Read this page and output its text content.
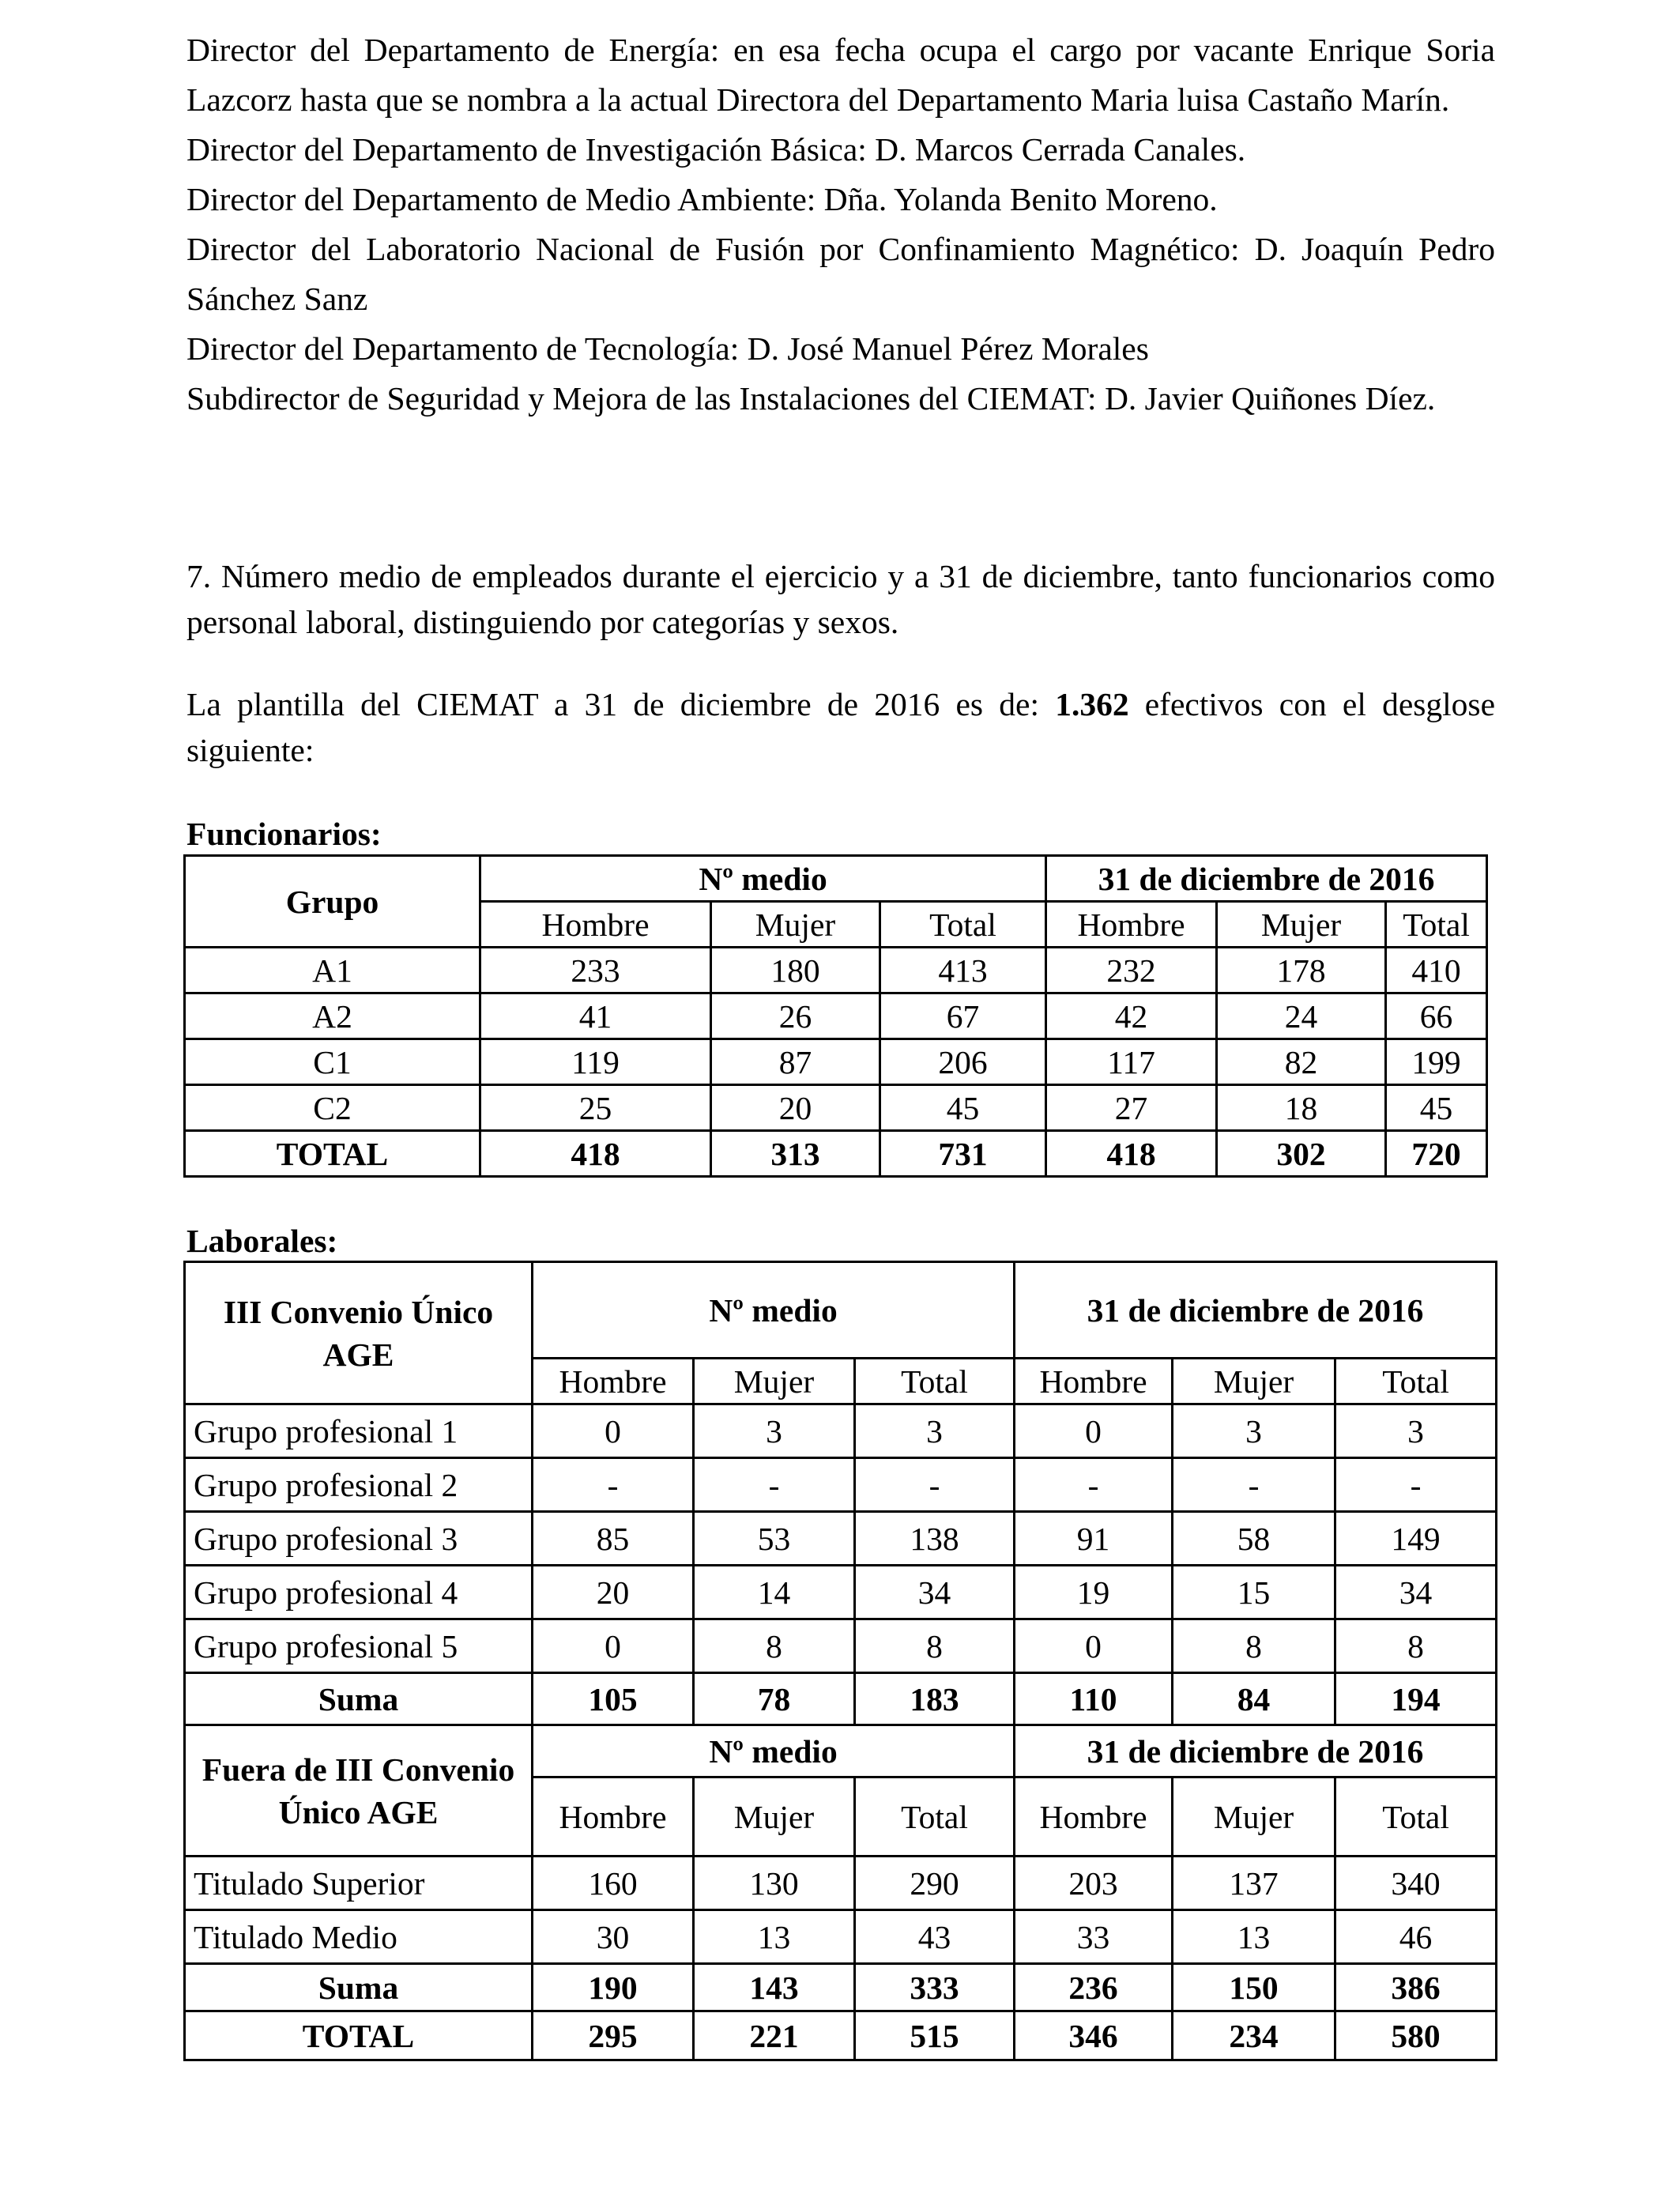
Director del Departamento de Energía: en esa fecha ocupa el cargo por vacante Enrique Soria Lazcorz hasta que se nombra a la actual Directora del Departamento Maria luisa Castaño Marín.

Director del Departamento de Investigación Básica: D. Marcos Cerrada Canales.

Director del Departamento de Medio Ambiente: Dña. Yolanda Benito Moreno.

Director del Laboratorio Nacional de Fusión por Confinamiento Magnético: D. Joaquín Pedro Sánchez Sanz

Director del Departamento de Tecnología: D. José Manuel Pérez Morales

Subdirector de Seguridad y Mejora de las Instalaciones del CIEMAT: D. Javier Quiñones Díez.

7. Número medio de empleados durante el ejercicio y a 31 de diciembre, tanto funcionarios como personal laboral, distinguiendo por categorías y sexos.

La plantilla del CIEMAT a 31 de diciembre de 2016 es de: 1.362 efectivos con el desglose siguiente:

Funcionarios:
Grupo	Nº medio			31 de diciembre de 2016		
	Hombre	Mujer	Total	Hombre	Mujer	Total
A1	233	180	413	232	178	410
A2	41	26	67	42	24	66
C1	119	87	206	117	82	199
C2	25	20	45	27	18	45
TOTAL	418	313	731	418	302	720
Laborales:
III Convenio Único AGE	Nº medio			31 de diciembre de 2016		
	Hombre	Mujer	Total	Hombre	Mujer	Total
Grupo profesional 1	0	3	3	0	3	3
Grupo profesional 2	-	-	-	-	-	-
Grupo profesional 3	85	53	138	91	58	149
Grupo profesional 4	20	14	34	19	15	34
Grupo profesional 5	0	8	8	0	8	8
Suma	105	78	183	110	84	194
Fuera de III Convenio Único AGE	Nº medio			31 de diciembre de 2016		
	Hombre	Mujer	Total	Hombre	Mujer	Total
Titulado Superior	160	130	290	203	137	340
Titulado Medio	30	13	43	33	13	46
Suma	190	143	333	236	150	386
TOTAL	295	221	515	346	234	580
